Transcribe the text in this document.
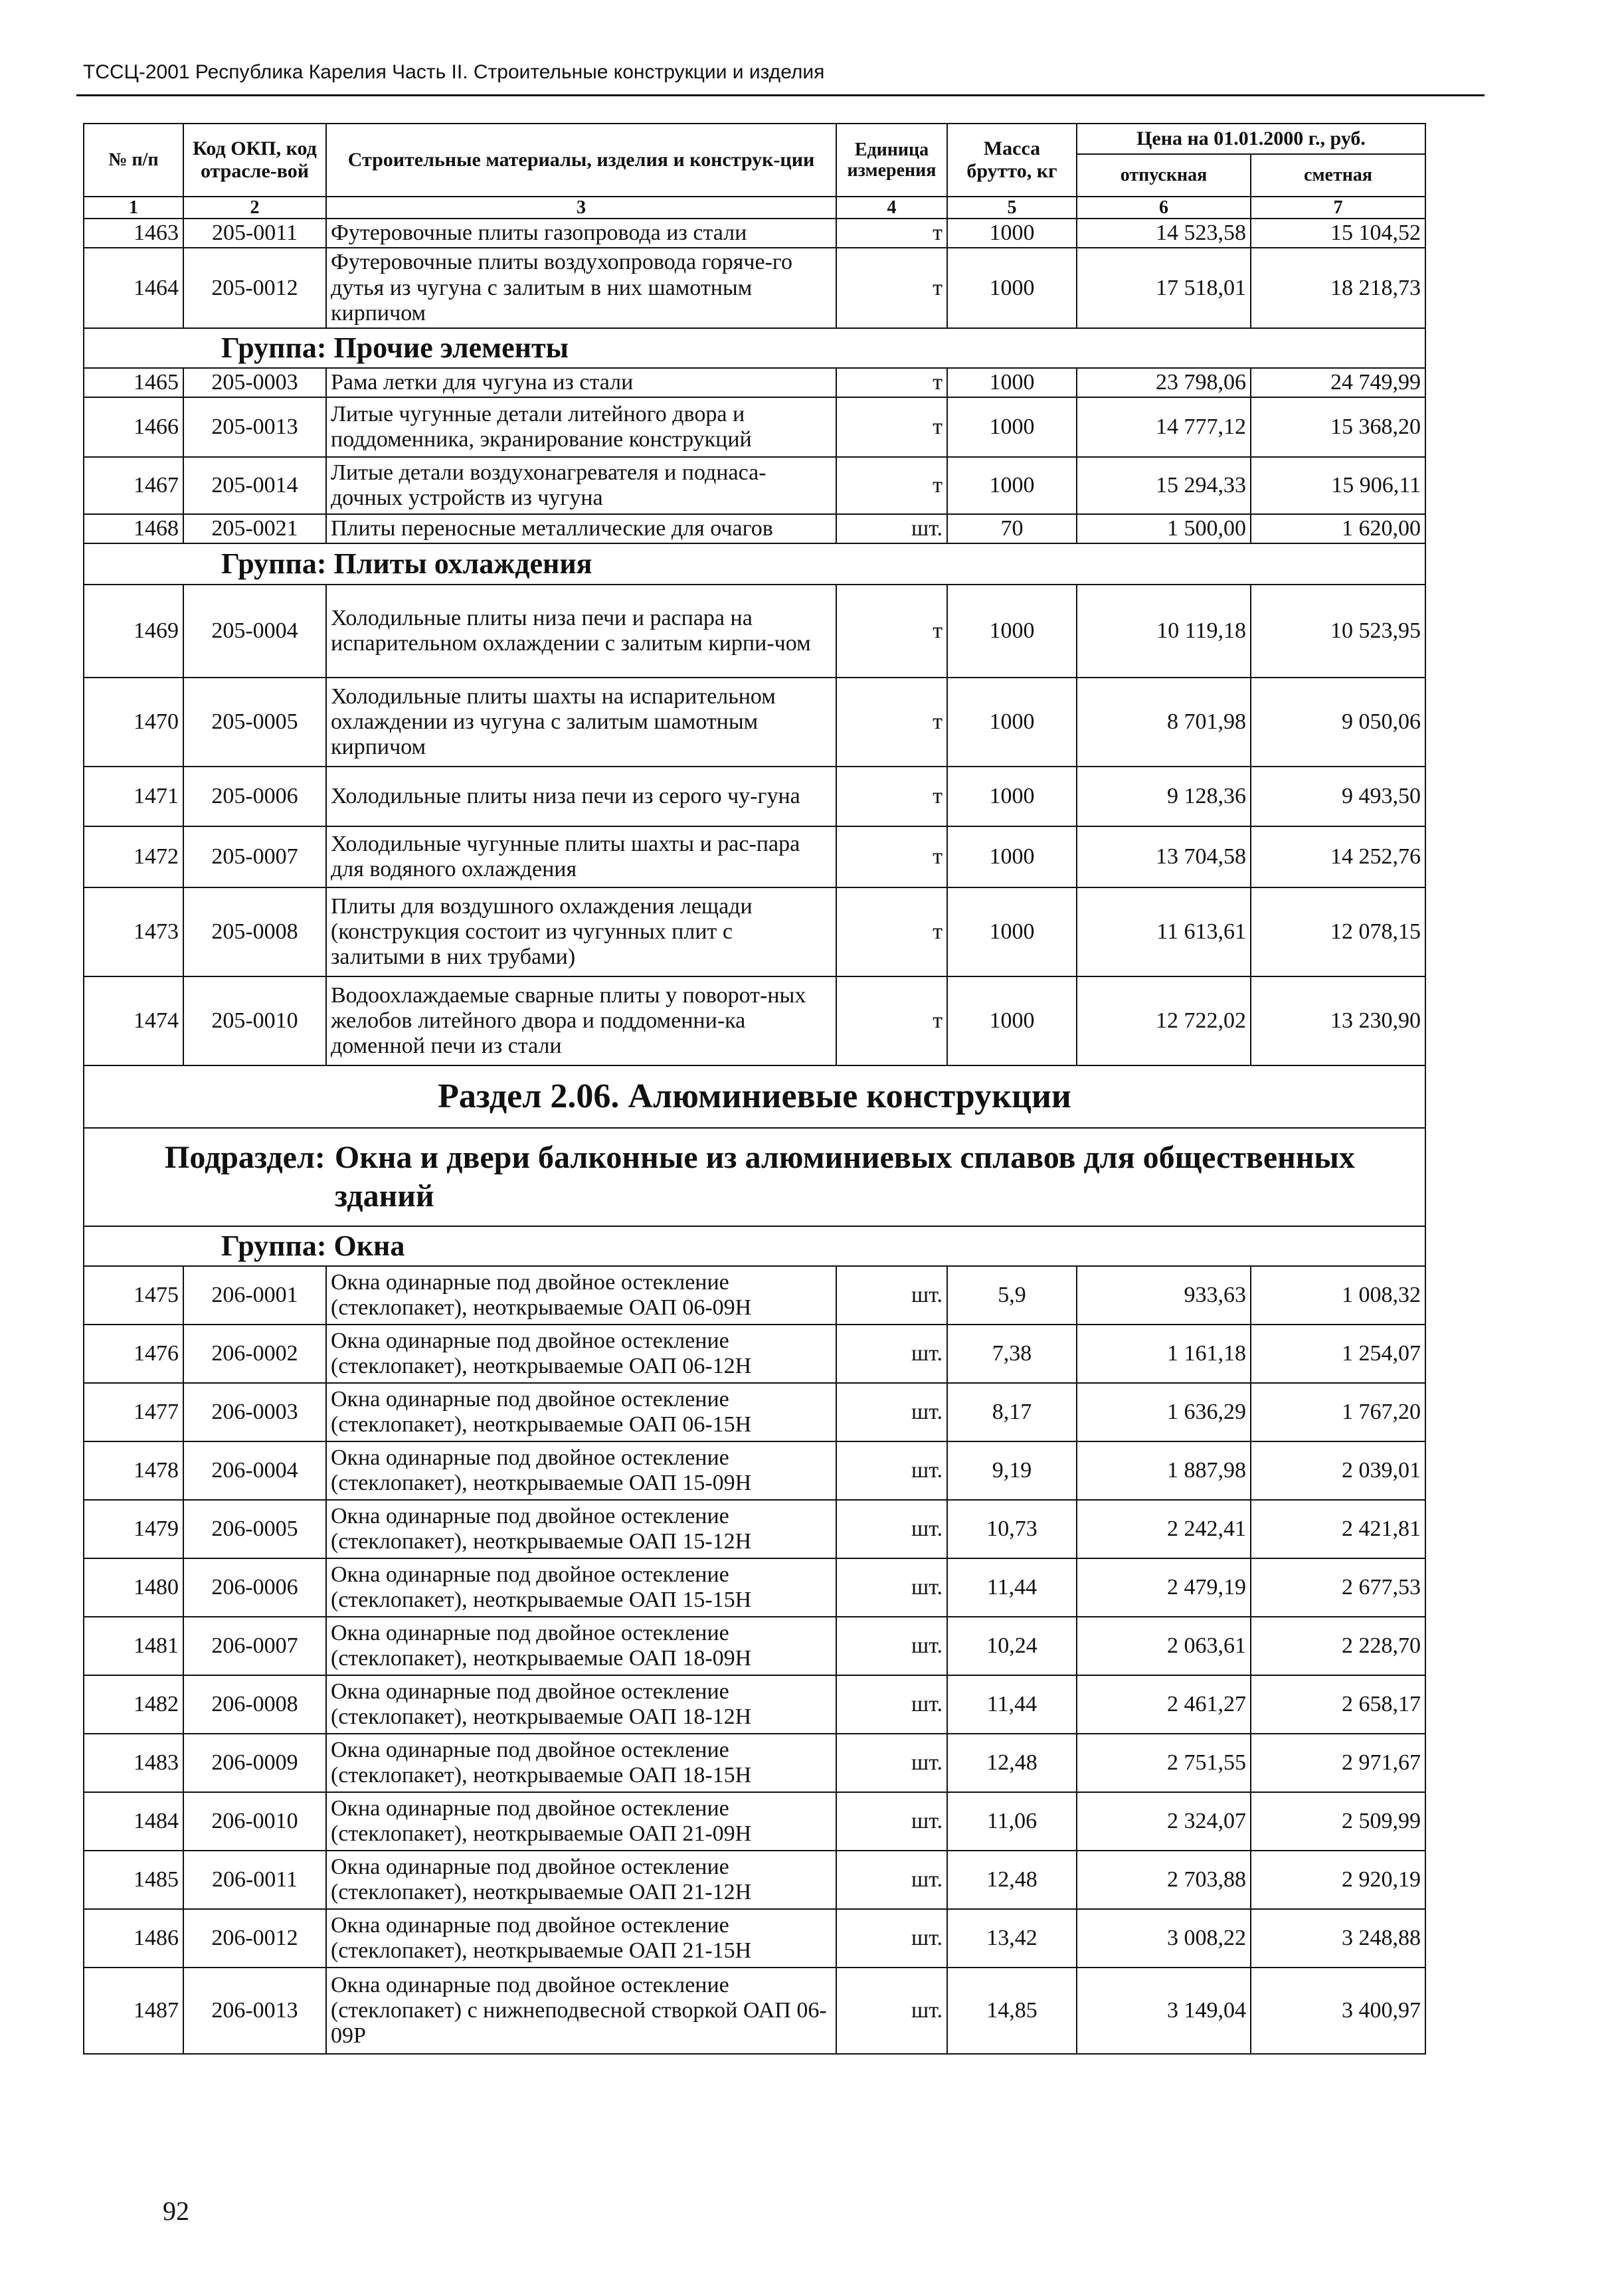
ТССЦ-2001 Республика Карелия Часть II. Строительные конструкции и изделия
№ п/п	Код ОКП, код отрасле-вой	Строительные материалы, изделия и конструк-ции	Единица измерения	Масса брутто, кг	Цена на 01.01.2000 г., руб.	
					отпускная	сметная
1	2	3	4	5	6	7
1463	205-0011	Футеровочные плиты газопровода из стали	т	1000	14 523,58	15 104,52
1464	205-0012	Футеровочные плиты воздухопровода горяче-го дутья из чугуна с залитым в них шамотным кирпичом	т	1000	17 518,01	18 218,73
Группа: Прочие элементы						
1465	205-0003	Рама летки для чугуна из стали	т	1000	23 798,06	24 749,99
1466	205-0013	Литые чугунные детали литейного двора и поддоменника, экранирование конструкций	т	1000	14 777,12	15 368,20
1467	205-0014	Литые детали воздухонагревателя и поднаса-дочных устройств из чугуна	т	1000	15 294,33	15 906,11
1468	205-0021	Плиты переносные металлические для очагов	шт.	70	1 500,00	1 620,00
Группа: Плиты охлаждения						
1469	205-0004	Холодильные плиты низа печи и распара на испарительном охлаждении с залитым кирпи-чом	т	1000	10 119,18	10 523,95
1470	205-0005	Холодильные плиты шахты на испарительном охлаждении из чугуна с залитым шамотным кирпичом	т	1000	8 701,98	9 050,06
1471	205-0006	Холодильные плиты низа печи из серого чу-гуна	т	1000	9 128,36	9 493,50
1472	205-0007	Холодильные чугунные плиты шахты и рас-пара для водяного охлаждения	т	1000	13 704,58	14 252,76
1473	205-0008	Плиты для воздушного охлаждения лещади (конструкция состоит из чугунных плит с залитыми в них трубами)	т	1000	11 613,61	12 078,15
1474	205-0010	Водоохлаждаемые сварные плиты у поворот-ных желобов литейного двора и поддоменни-ка доменной печи из стали	т	1000	12 722,02	13 230,90
Раздел 2.06. Алюминиевые конструкции						

Подраздел: Окна и двери балконные из алюминиевых сплавов для общественных зданий						

Группа: Окна						
1475	206-0001	Окна одинарные под двойное остекление (стеклопакет), неоткрываемые ОАП 06-09Н	шт.	5,9	933,63	1 008,32
1476	206-0002	Окна одинарные под двойное остекление (стеклопакет), неоткрываемые ОАП 06-12Н	шт.	7,38	1 161,18	1 254,07
1477	206-0003	Окна одинарные под двойное остекление (стеклопакет), неоткрываемые ОАП 06-15Н	шт.	8,17	1 636,29	1 767,20
1478	206-0004	Окна одинарные под двойное остекление (стеклопакет), неоткрываемые ОАП 15-09Н	шт.	9,19	1 887,98	2 039,01
1479	206-0005	Окна одинарные под двойное остекление (стеклопакет), неоткрываемые ОАП 15-12Н	шт.	10,73	2 242,41	2 421,81
1480	206-0006	Окна одинарные под двойное остекление (стеклопакет), неоткрываемые ОАП 15-15Н	шт.	11,44	2 479,19	2 677,53
1481	206-0007	Окна одинарные под двойное остекление (стеклопакет), неоткрываемые ОАП 18-09Н	шт.	10,24	2 063,61	2 228,70
1482	206-0008	Окна одинарные под двойное остекление (стеклопакет), неоткрываемые ОАП 18-12Н	шт.	11,44	2 461,27	2 658,17
1483	206-0009	Окна одинарные под двойное остекление (стеклопакет), неоткрываемые ОАП 18-15Н	шт.	12,48	2 751,55	2 971,67
1484	206-0010	Окна одинарные под двойное остекление (стеклопакет), неоткрываемые ОАП 21-09Н	шт.	11,06	2 324,07	2 509,99
1485	206-0011	Окна одинарные под двойное остекление (стеклопакет), неоткрываемые ОАП 21-12Н	шт.	12,48	2 703,88	2 920,19
1486	206-0012	Окна одинарные под двойное остекление (стеклопакет), неоткрываемые ОАП 21-15Н	шт.	13,42	3 008,22	3 248,88
1487	206-0013	Окна одинарные под двойное остекление (стеклопакет) с нижнеподвесной створкой ОАП 06-09Р	шт.	14,85	3 149,04	3 400,97
92
